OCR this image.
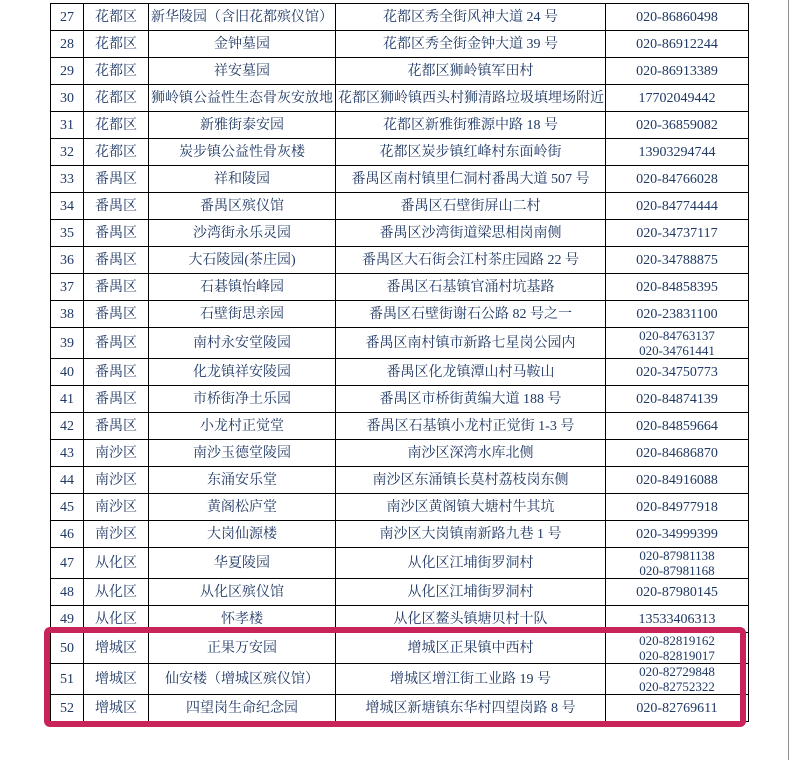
27	花都区	新华陵园（含旧花都殡仪馆）	花都区秀全街风神大道 24 号	020-86860498
28	花都区	金钟墓园	花都区秀全街金钟大道 39 号	020-86912244
29	花都区	祥安墓园	花都区狮岭镇军田村	020-86913389
30	花都区	狮岭镇公益性生态骨灰安放地	花都区狮岭镇西头村狮清路垃圾填埋场附近	17702049442
31	花都区	新雅街泰安园	花都区新雅街雅源中路 18 号	020-36859082
32	花都区	炭步镇公益性骨灰楼	花都区炭步镇红峰村东面岭街	13903294744
33	番禺区	祥和陵园	番禺区南村镇里仁洞村番禺大道 507 号	020-84766028
34	番禺区	番禺区殡仪馆	番禺区石壁街屏山二村	020-84774444
35	番禺区	沙湾街永乐灵园	番禺区沙湾街道梁思相岗南侧	020-34737117
36	番禺区	大石陵园(茶庄园)	番禺区大石街会江村茶庄园路 22 号	020-34788875
37	番禺区	石碁镇怡峰园	番禺区石基镇官涌村坑基路	020-84858395
38	番禺区	石壁街思亲园	番禺区石壁街谢石公路 82 号之一	020-23831100
39	番禺区	南村永安堂陵园	番禺区南村镇市新路七星岗公园内	020-84763137
020-34761441

40	番禺区	化龙镇祥安陵园	番禺区化龙镇潭山村马鞍山	020-34750773
41	番禺区	市桥街净土乐园	番禺区市桥街黄编大道 188 号	020-84874139
42	番禺区	小龙村正觉堂	番禺区石基镇小龙村正觉街 1-3 号	020-84859664
43	南沙区	南沙玉德堂陵园	南沙区深湾水库北侧	020-84686870
44	南沙区	东涌安乐堂	南沙区东涌镇长莫村荔枝岗东侧	020-84916088
45	南沙区	黄阁松庐堂	南沙区黄阁镇大塘村牛其坑	020-84977918
46	南沙区	大岗仙源楼	南沙区大岗镇南新路九巷 1 号	020-34999399
47	从化区	华夏陵园	从化区江埔街罗洞村	020-87981138
020-87981168

48	从化区	从化区殡仪馆	从化区江埔街罗洞村	020-87980145
49	从化区	怀孝楼	从化区鳌头镇塘贝村十队	13533406313
50	增城区	正果万安园	增城区正果镇中西村	020-82819162
020-82819017

51	增城区	仙安楼（增城区殡仪馆）	增城区增江街工业路 19 号	020-82729848
020-82752322

52	增城区	四望岗生命纪念园	增城区新塘镇东华村四望岗路 8 号	020-82769611
